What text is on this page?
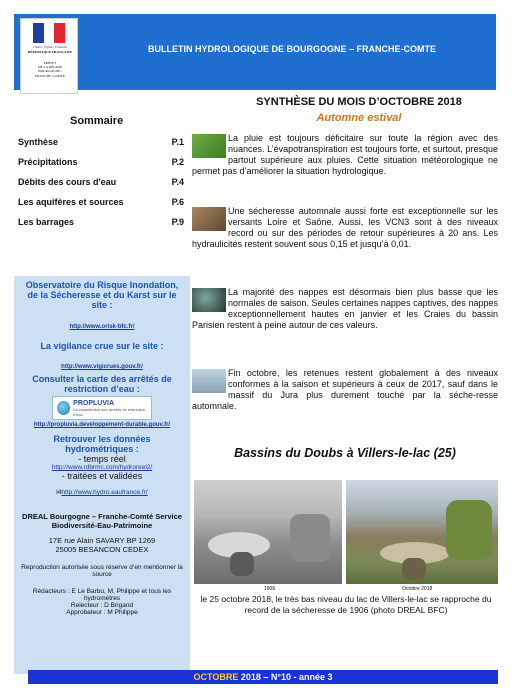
Liberté • Égalité • Fraternité
RÉPUBLIQUE FRANÇAISE
PRÉFET
DE LA RÉGION
BOURGOGNE-
FRANCHE-COMTÉ
BULLETIN HYDROLOGIQUE DE BOURGOGNE – FRANCHE-COMTE
SYNTHÈSE DU MOIS D’OCTOBRE 2018
Automne estival
Sommaire
Synthèse	P.1
Précipitations	P.2
Débits des cours d'eau	P.4
Les aquifères et sources	P.6
Les barrages	P.9
La pluie est toujours déficitaire sur toute la région avec des nuances. L’évapotranspiration est toujours forte, et surtout, presque partout supérieure aux pluies. Cette situation météorologique ne permet pas d’améliorer la situation hydrologique.
Une sécheresse automnale aussi forte est exceptionnelle sur les versants Loire et Saône. Aussi, les VCN3 sont à des niveaux record ou sur des périodes de retour supérieures à 20 ans. Les hydraulicités restent souvent sous 0,15 et jusqu’à 0,01.
La majorité des nappes est désormais bien plus basse que les normales de saison. Seules certaines nappes captives, des nappes exceptionnellement hautes en janvier et les Craies du bassin Parisien restent à peine autour de ces valeurs.
Fin octobre, les retenues restent globalement à des niveaux conformes à la saison et supérieurs à ceux de 2017, sauf dans le massif du Jura plus durement touché par la séche-resse automnale.
Observatoire du Risque Inondation, de la Sécheresse et du Karst sur le site :
http://www.orisk-bfc.fr/
La vigilance crue sur le site :
http://www.vigicrues.gouv.fr/
Consulter la carte des arrêtés de restriction d’eau :
PROPLUVIA
La consultation des arrêtés de restriction d'eau
http://propluvia.developpement-durable.gouv.fr/
Retrouver les données hydrométriques :
- temps réel
http://www.rdbrmc.com/hydroreel2/
- traitées et validées
l4http://www.hydro.eaufrance.fr/
DREAL Bourgogne – Franche-Comté Service Biodiversité-Eau-Patrimoine
17E rue Alain SAVARY BP 1269
25005 BESANCON CEDEX
Reproduction autorisée sous réserve d’en mentionner la source
Rédacteurs : E Le Barbu, M. Philippe et tous les hydromètres
Relecteur : D Brigand
Approbateur : M Philippe
Bassins du Doubs à Villers-le-lac (25)
1906	Octobre 2018
le 25 octobre 2018, le très bas niveau du lac de Villers-le-lac se rapproche du record de la sécheresse de 1906 (photo DREAL BFC)
OCTOBRE 2018 – N°10 - année 3
